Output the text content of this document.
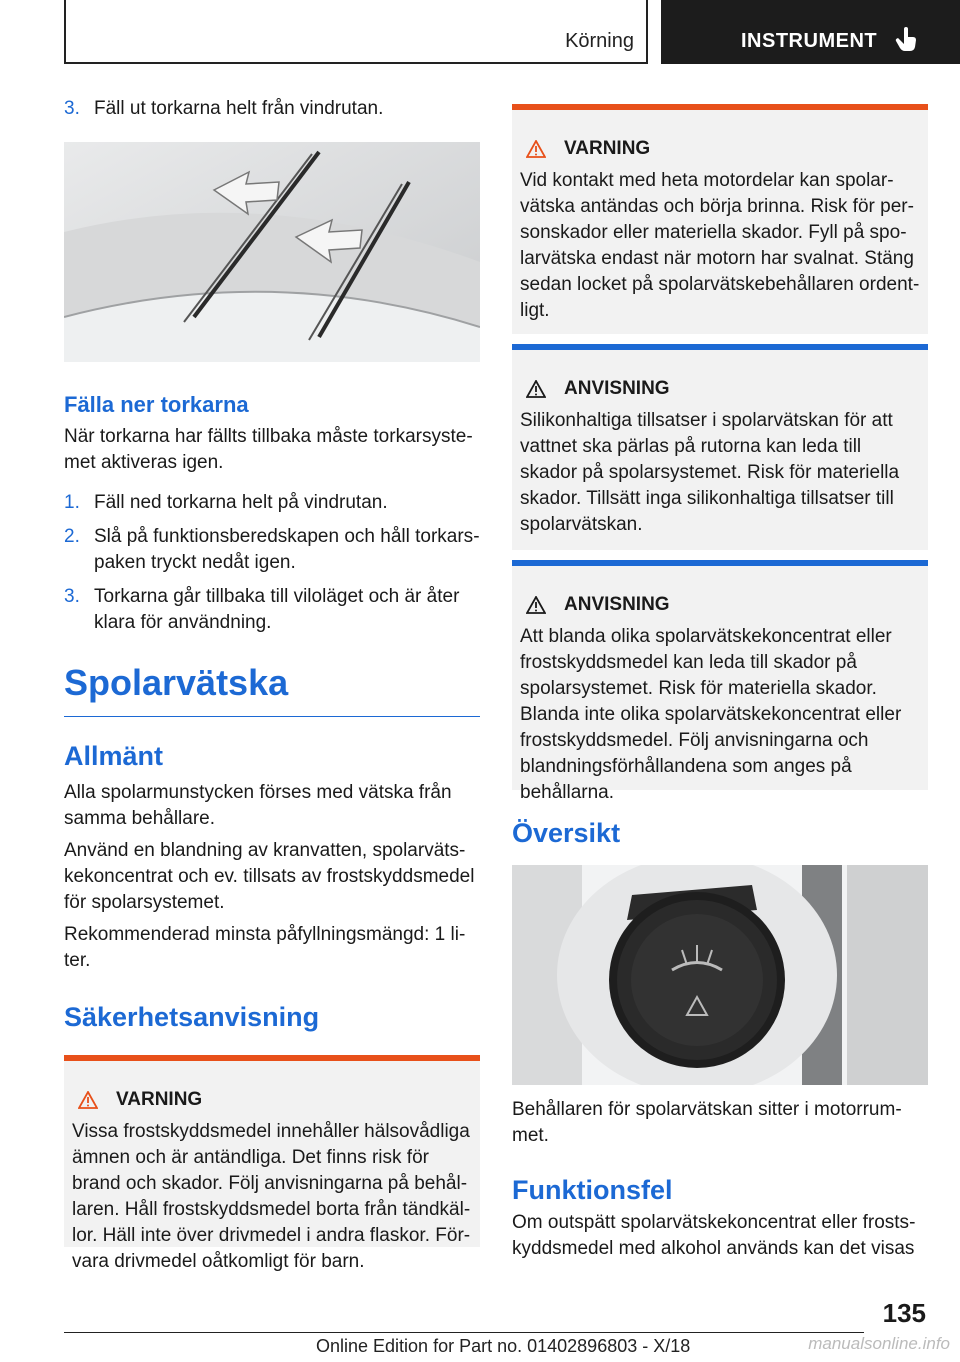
Körning	INSTRUMENT
3. Fäll ut torkarna helt från vindrutan.
Fälla ner torkarna

När torkarna har fällts tillbaka måste torkarsystemet aktiveras igen.

1. Fäll ned torkarna helt på vindrutan.
2. Slå på funktionsberedskapen och håll torkarspaken tryckt nedåt igen.
3. Torkarna går tillbaka till viloläget och är åter klara för användning.
Spolarvätska
Allmänt

Alla spolarmunstycken förses med vätska från samma behållare.

Använd en blandning av kranvatten, spolarvätskekoncentrat och ev. tillsats av frostskyddsmedel för spolarsystemet.

Rekommenderad minsta påfyllningsmängd: 1 liter.

Säkerhetsanvisning
VARNING

Vissa frostskyddsmedel innehåller hälsovådliga ämnen och är antändliga. Det finns risk för brand och skador. Följ anvisningarna på behållaren. Håll frostskyddsmedel borta från tändkällor. Häll inte över drivmedel i andra flaskor. Förvara drivmedel oåtkomligt för barn.

VARNING

Vid kontakt med heta motordelar kan spolarvätska antändas och börja brinna. Risk för personskador eller materiella skador. Fyll på spolarvätska endast när motorn har svalnat. Stäng sedan locket på spolarvätskebehållaren ordentligt.

ANVISNING

Silikonhaltiga tillsatser i spolarvätskan för att vattnet ska pärlas på rutorna kan leda till skador på spolarsystemet. Risk för materiella skador. Tillsätt inga silikonhaltiga tillsatser till spolarvätskan.

ANVISNING

Att blanda olika spolarvätskekoncentrat eller frostskyddsmedel kan leda till skador på spolarsystemet. Risk för materiella skador. Blanda inte olika spolarvätskekoncentrat eller frostskyddsmedel. Följ anvisningarna och blandningsförhållandena som anges på behållarna.

Översikt

Behållaren för spolarvätskan sitter i motorrummet.

Funktionsfel

Om outspätt spolarvätskekoncentrat eller frostskyddsmedel med alkohol används kan det visas

135
Online Edition for Part no. 01402896803 - X/18	manualsonline.info
